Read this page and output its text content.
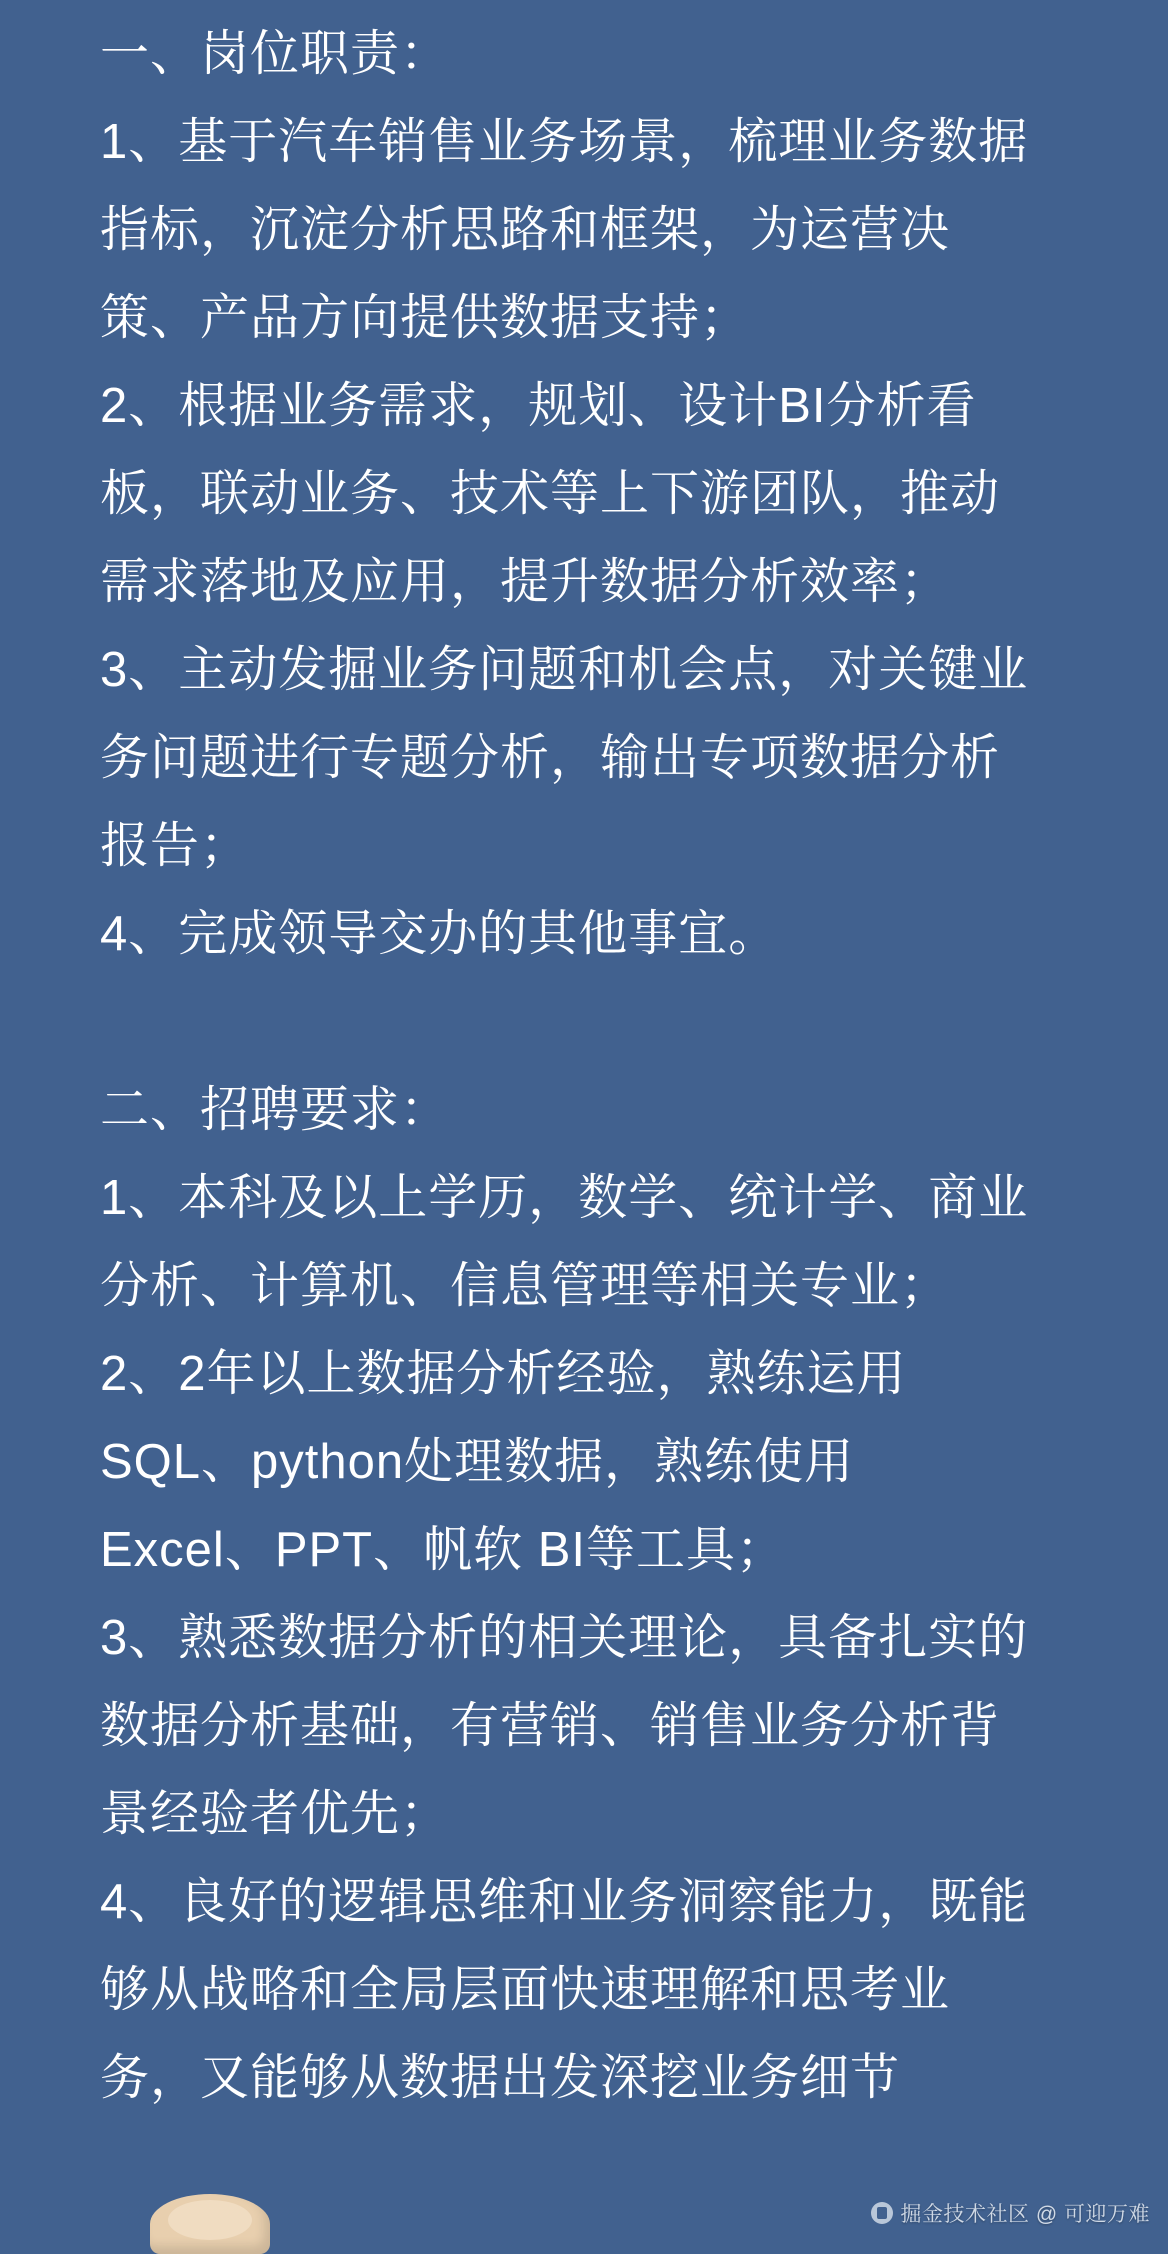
一、岗位职责：
1、基于汽车销售业务场景，梳理业务数据
指标，沉淀分析思路和框架，为运营决
策、产品方向提供数据支持；
2、根据业务需求，规划、设计BI分析看
板，联动业务、技术等上下游团队，推动
需求落地及应用，提升数据分析效率；
3、主动发掘业务问题和机会点，对关键业
务问题进行专题分析，输出专项数据分析
报告；
4、完成领导交办的其他事宜。
二、招聘要求：
1、本科及以上学历，数学、统计学、商业
分析、计算机、信息管理等相关专业；
2、2年以上数据分析经验，熟练运用
SQL、python处理数据，熟练使用
Excel、PPT、帆软 BI等工具；
3、熟悉数据分析的相关理论，具备扎实的
数据分析基础，有营销、销售业务分析背
景经验者优先；
4、良好的逻辑思维和业务洞察能力，既能
够从战略和全局层面快速理解和思考业
务，又能够从数据出发深挖业务细节
掘金技术社区 @ 可迎万难
